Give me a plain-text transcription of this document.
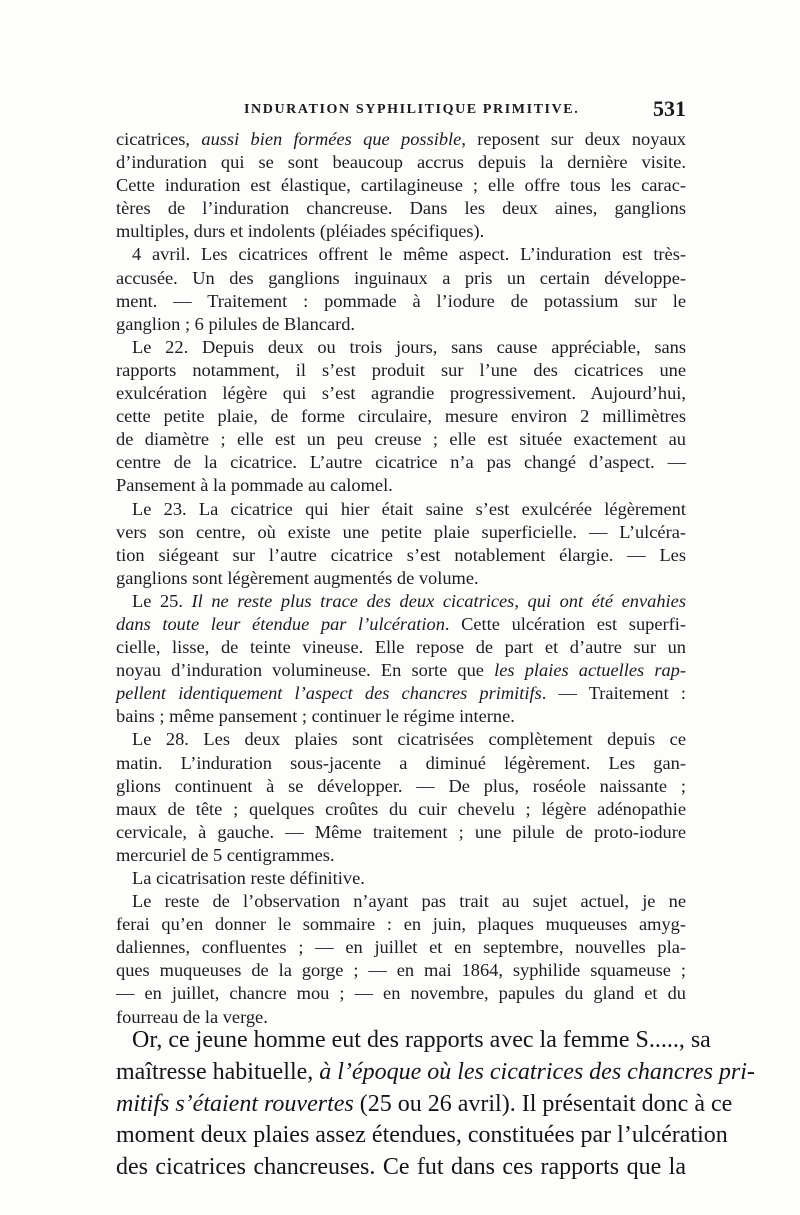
INDURATION SYPHILITIQUE PRIMITIVE.	531
cicatrices, aussi bien formées que possible, reposent sur deux noyaux
d’induration qui se sont beaucoup accrus depuis la dernière visite.
Cette induration est élastique, cartilagineuse ; elle offre tous les carac-
tères de l’induration chancreuse. Dans les deux aines, ganglions
multiples, durs et indolents (pléiades spécifiques).
4 avril. Les cicatrices offrent le même aspect. L’induration est très-
accusée. Un des ganglions inguinaux a pris un certain développe-
ment. — Traitement : pommade à l’iodure de potassium sur le
ganglion ; 6 pilules de Blancard.
Le 22. Depuis deux ou trois jours, sans cause appréciable, sans
rapports notamment, il s’est produit sur l’une des cicatrices une
exulcération légère qui s’est agrandie progressivement. Aujourd’hui,
cette petite plaie, de forme circulaire, mesure environ 2 millimètres
de diamètre ; elle est un peu creuse ; elle est située exactement au
centre de la cicatrice. L’autre cicatrice n’a pas changé d’aspect. —
Pansement à la pommade au calomel.
Le 23. La cicatrice qui hier était saine s’est exulcérée légèrement
vers son centre, où existe une petite plaie superficielle. — L’ulcéra-
tion siégeant sur l’autre cicatrice s’est notablement élargie. — Les
ganglions sont légèrement augmentés de volume.
Le 25. Il ne reste plus trace des deux cicatrices, qui ont été envahies
dans toute leur étendue par l’ulcération. Cette ulcération est superfi-
cielle, lisse, de teinte vineuse. Elle repose de part et d’autre sur un
noyau d’induration volumineuse. En sorte que les plaies actuelles rap-
pellent identiquement l’aspect des chancres primitifs. — Traitement :
bains ; même pansement ; continuer le régime interne.
Le 28. Les deux plaies sont cicatrisées complètement depuis ce
matin. L’induration sous-jacente a diminué légèrement. Les gan-
glions continuent à se développer. — De plus, roséole naissante ;
maux de tête ; quelques croûtes du cuir chevelu ; légère adénopathie
cervicale, à gauche. — Même traitement ; une pilule de proto-iodure
mercuriel de 5 centigrammes.
La cicatrisation reste définitive.
Le reste de l’observation n’ayant pas trait au sujet actuel, je ne
ferai qu’en donner le sommaire : en juin, plaques muqueuses amyg-
daliennes, confluentes ; — en juillet et en septembre, nouvelles pla-
ques muqueuses de la gorge ; — en mai 1864, syphilide squameuse ;
— en juillet, chancre mou ; — en novembre, papules du gland et du
fourreau de la verge.
Or, ce jeune homme eut des rapports avec la femme S....., sa
maîtresse habituelle, à l’époque où les cicatrices des chancres pri-
mitifs s’étaient rouvertes (25 ou 26 avril). Il présentait donc à ce
moment deux plaies assez étendues, constituées par l’ulcération
des cicatrices chancreuses. Ce fut dans ces rapports que la
